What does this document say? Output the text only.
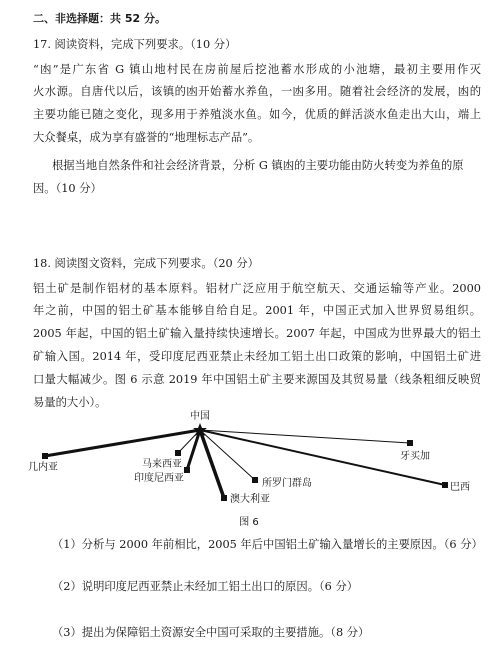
二、非选择题：共 52 分。
17. 阅读资料，完成下列要求。（10 分）
“凼”是广东省 G 镇山地村民在房前屋后挖池蓄水形成的小池塘，最初主要用作灭
火水源。自唐代以后，该镇的凼开始蓄水养鱼，一凼多用。随着社会经济的发展，凼的
主要功能已随之变化，现多用于养殖淡水鱼。如今，优质的鲜活淡水鱼走出大山，端上
大众餐桌，成为享有盛誉的“地理标志产品”。
根据当地自然条件和社会经济背景，分析 G 镇凼的主要功能由防火转变为养鱼的原
因。（10 分）
18. 阅读图文资料，完成下列要求。（20 分）
铝土矿是制作铝材的基本原料。铝材广泛应用于航空航天、交通运输等产业。2000
年之前，中国的铝土矿基本能够自给自足。2001 年，中国正式加入世界贸易组织。
2005 年起，中国的铝土矿输入量持续快速增长。2007 年起，中国成为世界最大的铝土
矿输入国。2014 年，受印度尼西亚禁止未经加工铝土出口政策的影响，中国铝土矿进
口量大幅减少。图 6 示意 2019 年中国铝土矿主要来源国及其贸易量（线条粗细反映贸
易量的大小）。
中国
几内亚	马来西亚
印度尼西亚
澳大利亚
所罗门群岛
牙买加
巴西
图 6
（1）分析与 2000 年前相比，2005 年后中国铝土矿输入量增长的主要原因。（6 分）
（2）说明印度尼西亚禁止未经加工铝土出口的原因。（6 分）
（3）提出为保障铝土资源安全中国可采取的主要措施。（8 分）
